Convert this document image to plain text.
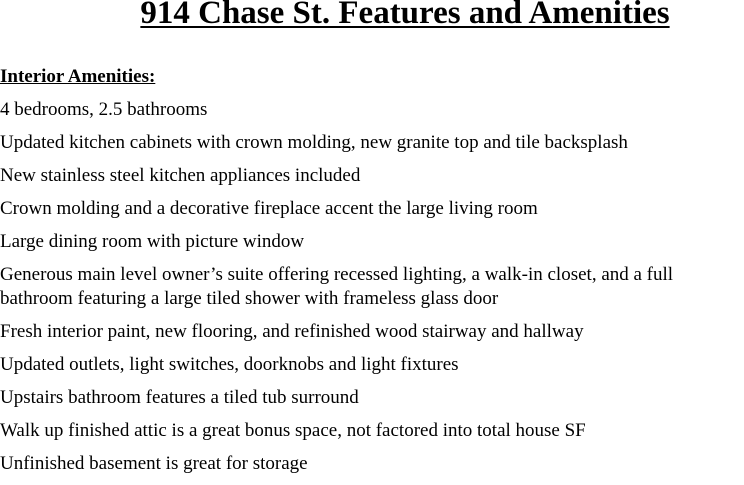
914 Chase St. Features and Amenities
Interior Amenities:
4 bedrooms, 2.5 bathrooms
Updated kitchen cabinets with crown molding, new granite top and tile backsplash
New stainless steel kitchen appliances included
Crown molding and a decorative fireplace accent the large living room
Large dining room with picture window
Generous main level owner’s suite offering recessed lighting, a walk-in closet, and a full bathroom featuring a large tiled shower with frameless glass door
Fresh interior paint, new flooring, and refinished wood stairway and hallway
Updated outlets, light switches, doorknobs and light fixtures
Upstairs bathroom features a tiled tub surround
Walk up finished attic is a great bonus space, not factored into total house SF
Unfinished basement is great for storage
